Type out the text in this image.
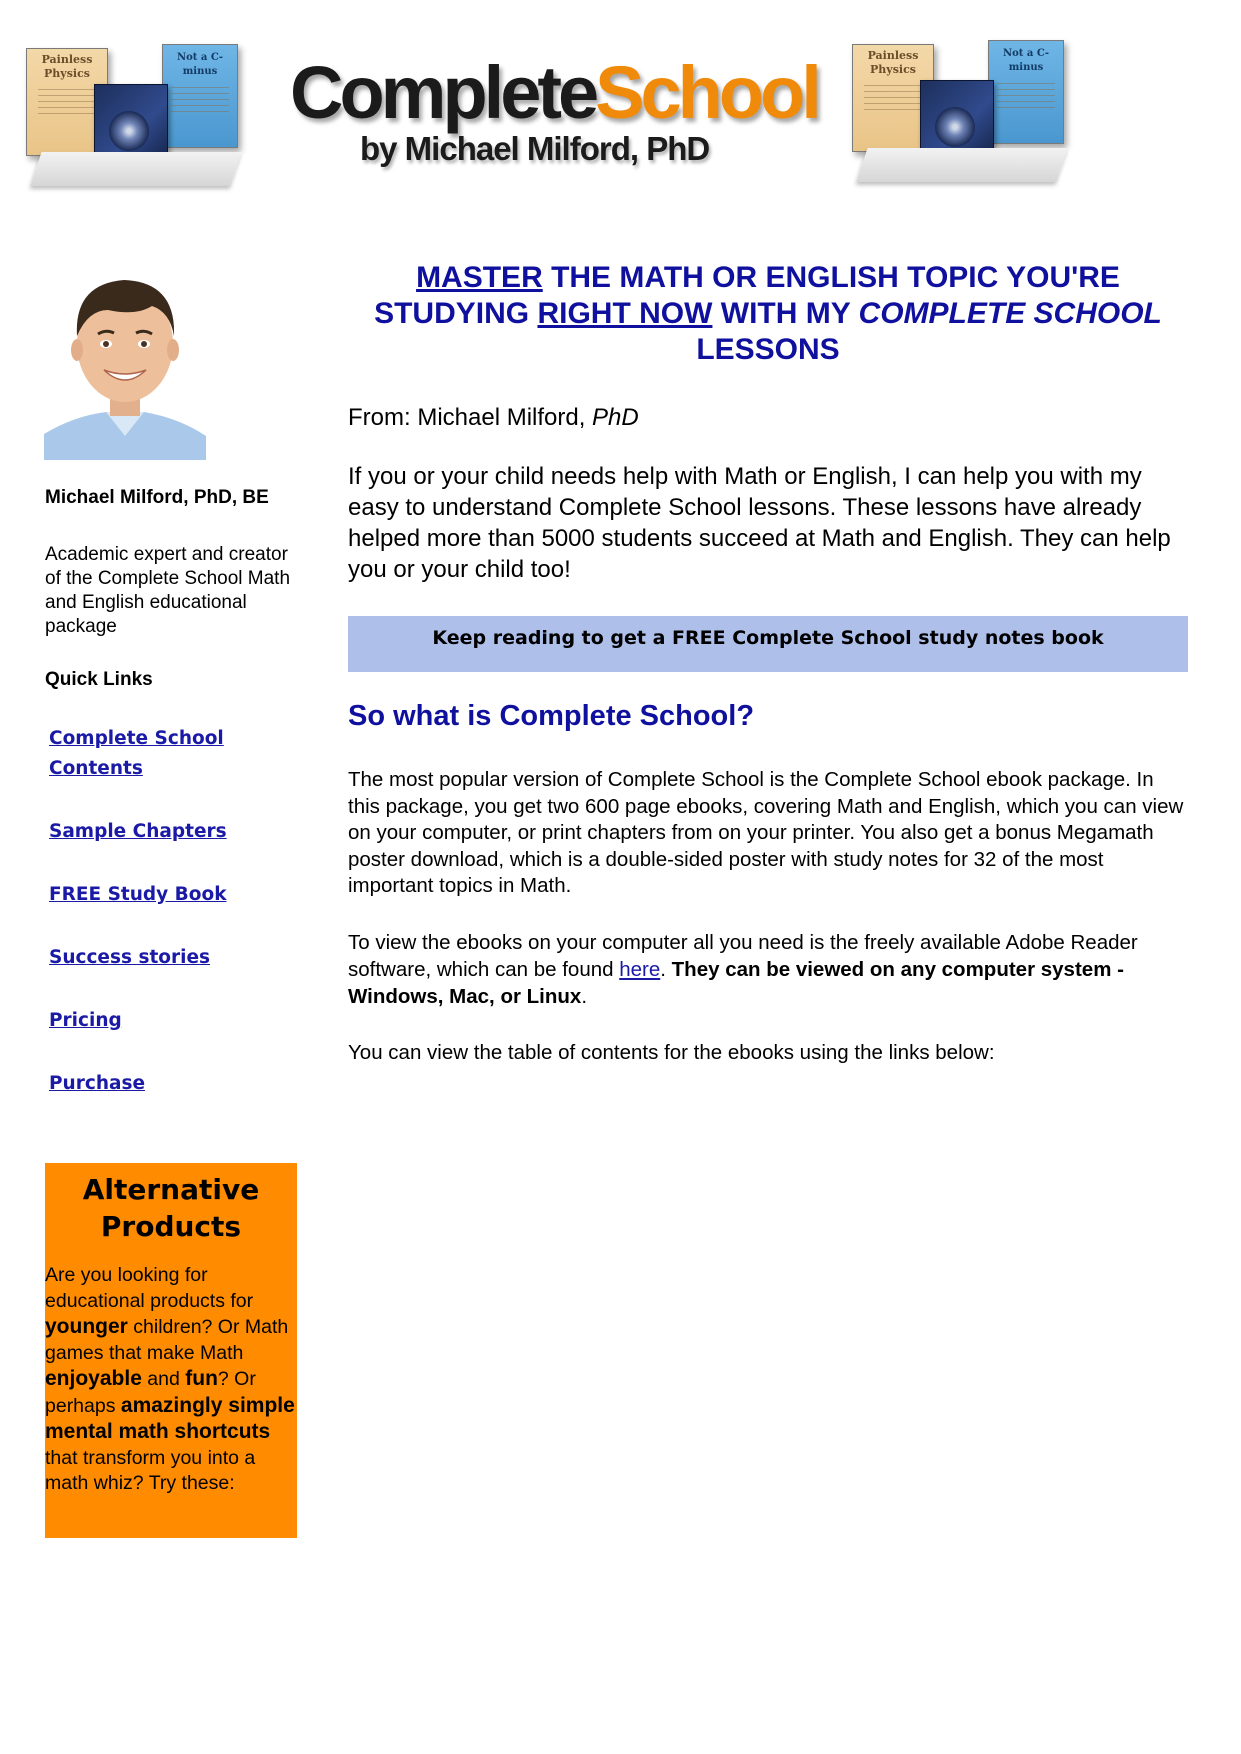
Painless Physics
Not a C-minus CompleteSchool
by Michael Milford, PhD
Painless Physics
Not a C-minus
Michael Milford, PhD, BE
Academic expert and creator of the Complete School Math and English educational package
Quick Links
Complete School Contents
Sample Chapters
FREE Study Book
Success stories
Pricing
Purchase
Alternative Products
Are you looking for educational products for younger children? Or Math games that make Math enjoyable and fun? Or perhaps amazingly simple mental math shortcuts that transform you into a math whiz? Try these:
MASTER THE MATH OR ENGLISH TOPIC YOU'RE STUDYING RIGHT NOW WITH MY COMPLETE SCHOOL LESSONS
From: Michael Milford, PhD
If you or your child needs help with Math or English, I can help you with my easy to understand Complete School lessons. These lessons have already helped more than 5000 students succeed at Math and English. They can help you or your child too!
Keep reading to get a FREE Complete School study notes book
So what is Complete School?
The most popular version of Complete School is the Complete School ebook package. In this package, you get two 600 page ebooks, covering Math and English, which you can view on your computer, or print chapters from on your printer. You also get a bonus Megamath poster download, which is a double-sided poster with study notes for 32 of the most important topics in Math.
To view the ebooks on your computer all you need is the freely available Adobe Reader software, which can be found here. They can be viewed on any computer system - Windows, Mac, or Linux.
You can view the table of contents for the ebooks using the links below:
